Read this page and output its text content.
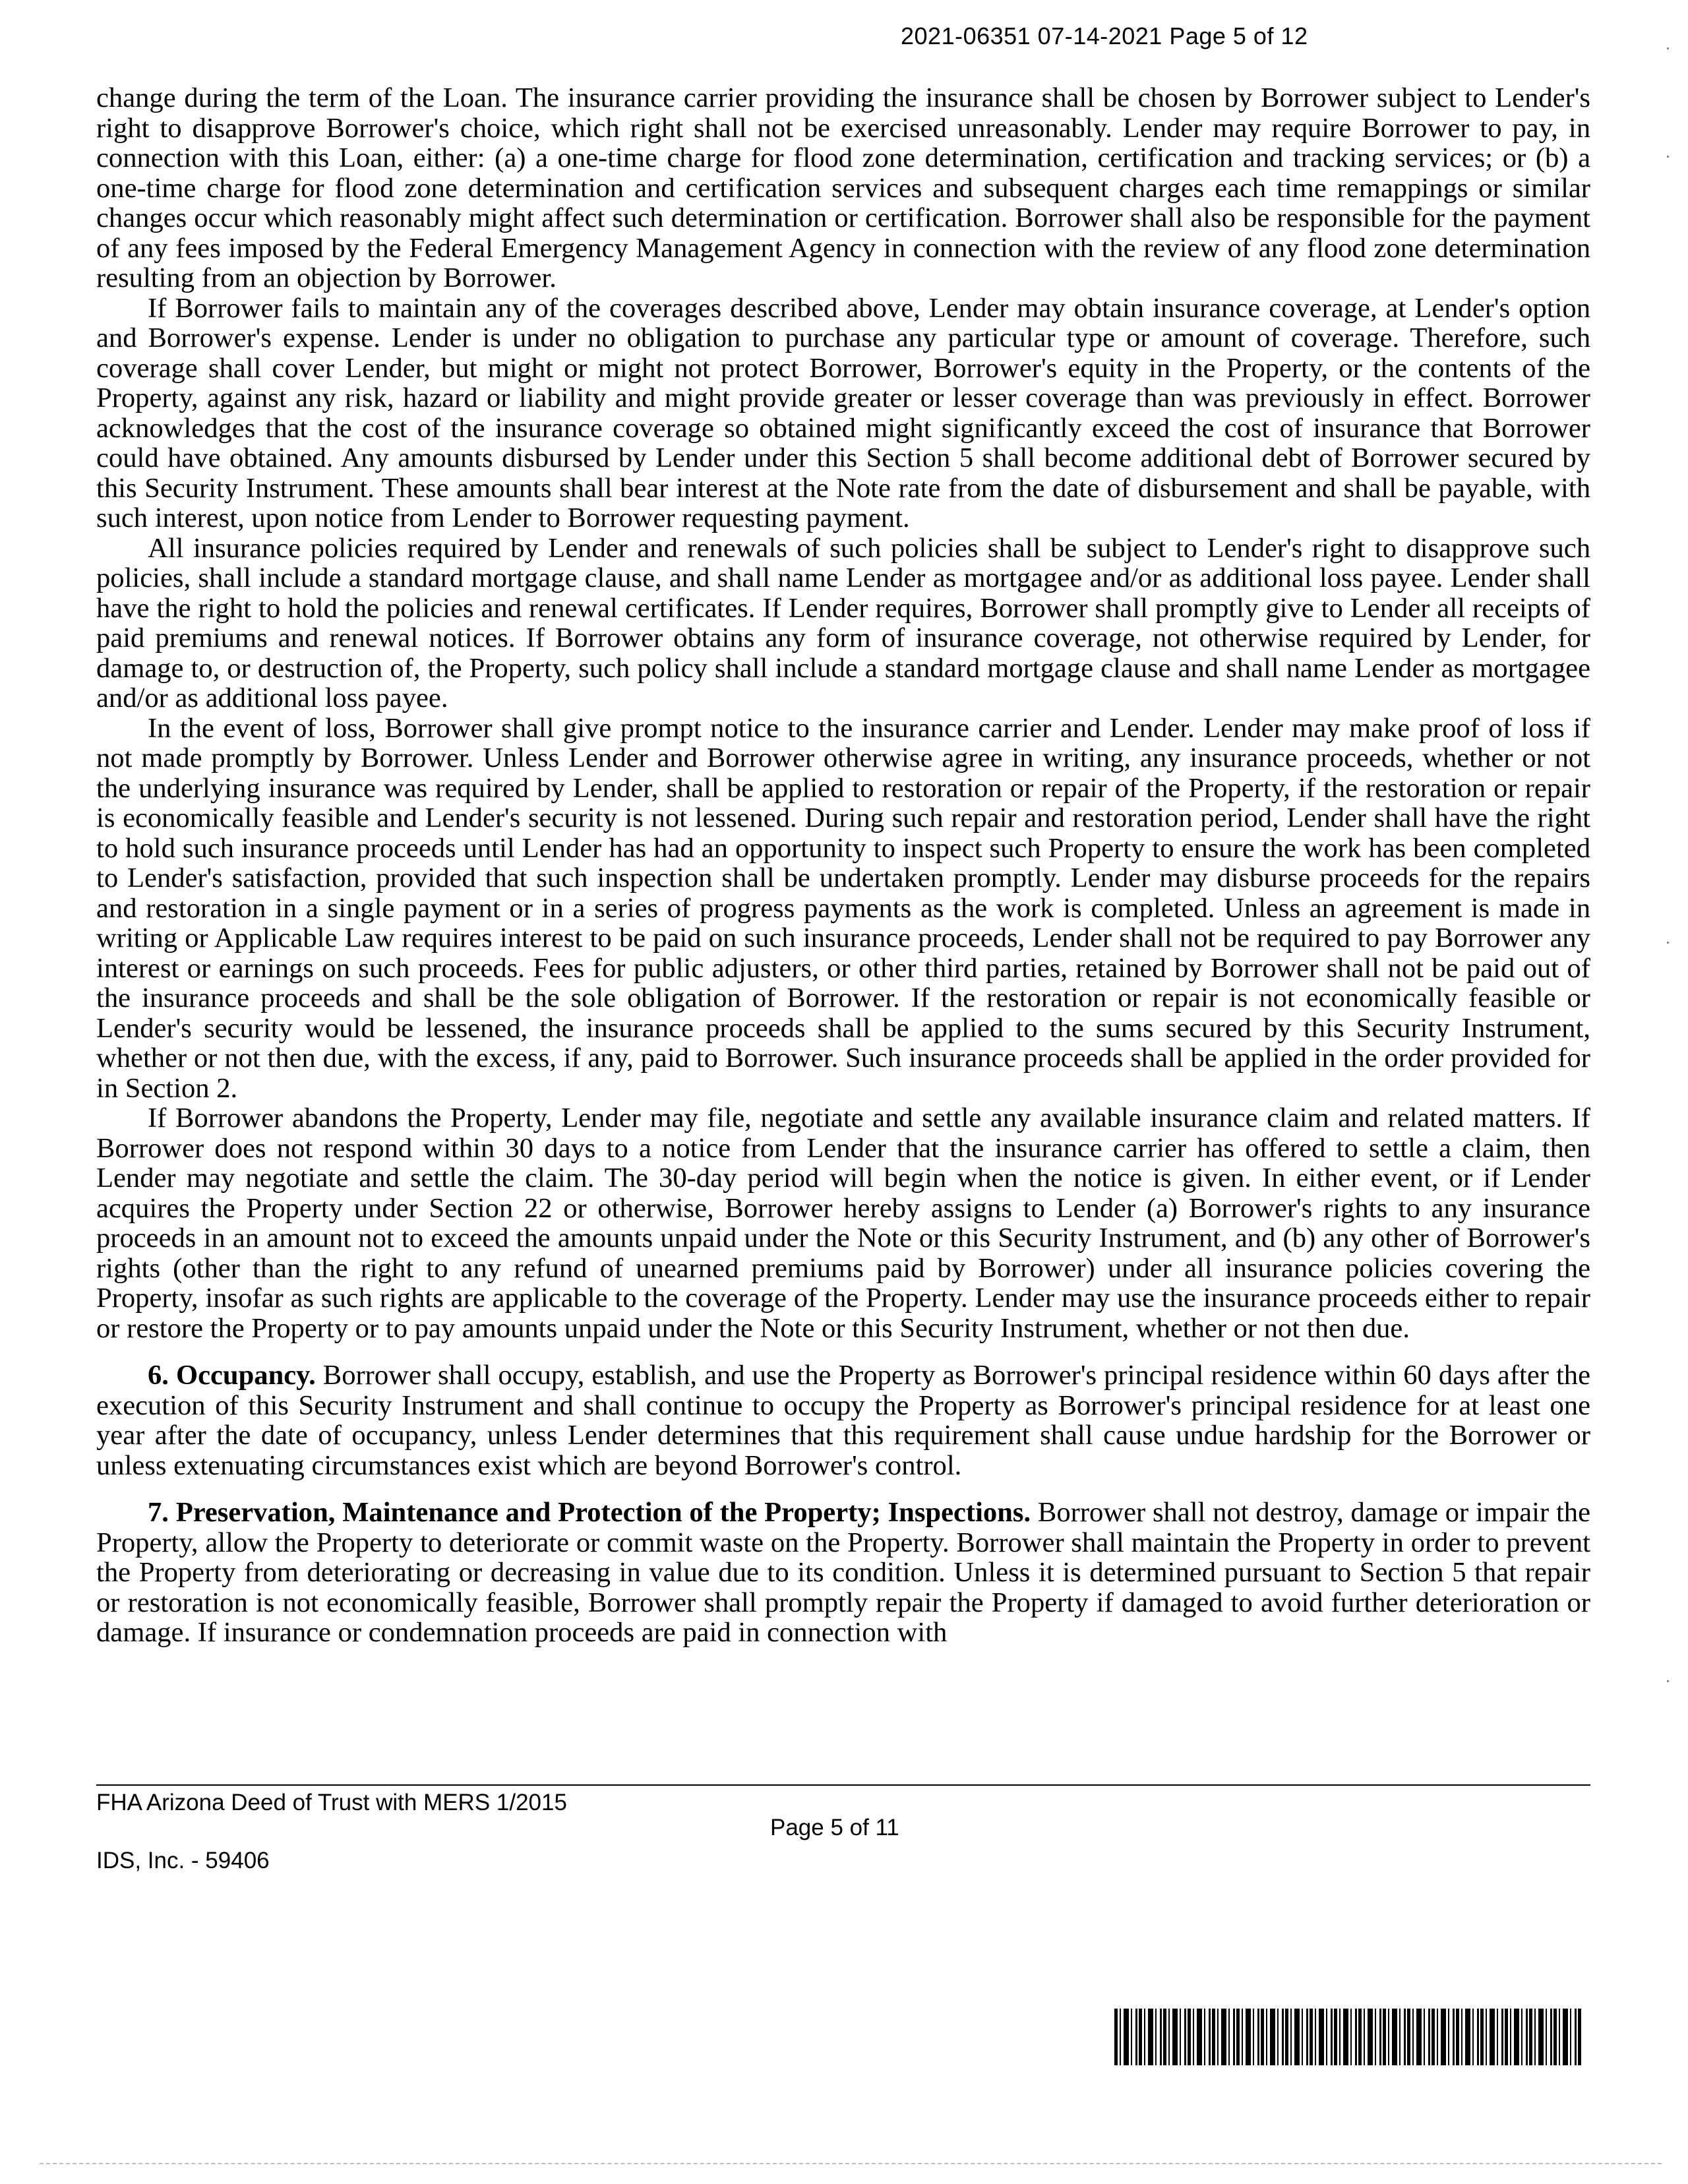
2021-06351 07-14-2021 Page 5 of 12

change during the term of the Loan. The insurance carrier providing the insurance shall be chosen by Borrower subject to Lender's right to disapprove Borrower's choice, which right shall not be exercised unreasonably. Lender may require Borrower to pay, in connection with this Loan, either: (a) a one-time charge for flood zone determination, certification and tracking services; or (b) a one-time charge for flood zone determination and certification services and subsequent charges each time remappings or similar changes occur which reasonably might affect such determination or certification. Borrower shall also be responsible for the payment of any fees imposed by the Federal Emergency Management Agency in connection with the review of any flood zone determination resulting from an objection by Borrower.

If Borrower fails to maintain any of the coverages described above, Lender may obtain insurance coverage, at Lender's option and Borrower's expense. Lender is under no obligation to purchase any particular type or amount of coverage. Therefore, such coverage shall cover Lender, but might or might not protect Borrower, Borrower's equity in the Property, or the contents of the Property, against any risk, hazard or liability and might provide greater or lesser coverage than was previously in effect. Borrower acknowledges that the cost of the insurance coverage so obtained might significantly exceed the cost of insurance that Borrower could have obtained. Any amounts disbursed by Lender under this Section 5 shall become additional debt of Borrower secured by this Security Instrument. These amounts shall bear interest at the Note rate from the date of disbursement and shall be payable, with such interest, upon notice from Lender to Borrower requesting payment.

All insurance policies required by Lender and renewals of such policies shall be subject to Lender's right to disapprove such policies, shall include a standard mortgage clause, and shall name Lender as mortgagee and/or as additional loss payee. Lender shall have the right to hold the policies and renewal certificates. If Lender requires, Borrower shall promptly give to Lender all receipts of paid premiums and renewal notices. If Borrower obtains any form of insurance coverage, not otherwise required by Lender, for damage to, or destruction of, the Property, such policy shall include a standard mortgage clause and shall name Lender as mortgagee and/or as additional loss payee.

In the event of loss, Borrower shall give prompt notice to the insurance carrier and Lender. Lender may make proof of loss if not made promptly by Borrower. Unless Lender and Borrower otherwise agree in writing, any insurance proceeds, whether or not the underlying insurance was required by Lender, shall be applied to restoration or repair of the Property, if the restoration or repair is economically feasible and Lender's security is not lessened. During such repair and restoration period, Lender shall have the right to hold such insurance proceeds until Lender has had an opportunity to inspect such Property to ensure the work has been completed to Lender's satisfaction, provided that such inspection shall be undertaken promptly. Lender may disburse proceeds for the repairs and restoration in a single payment or in a series of progress payments as the work is completed. Unless an agreement is made in writing or Applicable Law requires interest to be paid on such insurance proceeds, Lender shall not be required to pay Borrower any interest or earnings on such proceeds. Fees for public adjusters, or other third parties, retained by Borrower shall not be paid out of the insurance proceeds and shall be the sole obligation of Borrower. If the restoration or repair is not economically feasible or Lender's security would be lessened, the insurance proceeds shall be applied to the sums secured by this Security Instrument, whether or not then due, with the excess, if any, paid to Borrower. Such insurance proceeds shall be applied in the order provided for in Section 2.

If Borrower abandons the Property, Lender may file, negotiate and settle any available insurance claim and related matters. If Borrower does not respond within 30 days to a notice from Lender that the insurance carrier has offered to settle a claim, then Lender may negotiate and settle the claim. The 30-day period will begin when the notice is given. In either event, or if Lender acquires the Property under Section 22 or otherwise, Borrower hereby assigns to Lender (a) Borrower's rights to any insurance proceeds in an amount not to exceed the amounts unpaid under the Note or this Security Instrument, and (b) any other of Borrower's rights (other than the right to any refund of unearned premiums paid by Borrower) under all insurance policies covering the Property, insofar as such rights are applicable to the coverage of the Property. Lender may use the insurance proceeds either to repair or restore the Property or to pay amounts unpaid under the Note or this Security Instrument, whether or not then due.

6. Occupancy. Borrower shall occupy, establish, and use the Property as Borrower's principal residence within 60 days after the execution of this Security Instrument and shall continue to occupy the Property as Borrower's principal residence for at least one year after the date of occupancy, unless Lender determines that this requirement shall cause undue hardship for the Borrower or unless extenuating circumstances exist which are beyond Borrower's control.

7. Preservation, Maintenance and Protection of the Property; Inspections. Borrower shall not destroy, damage or impair the Property, allow the Property to deteriorate or commit waste on the Property. Borrower shall maintain the Property in order to prevent the Property from deteriorating or decreasing in value due to its condition. Unless it is determined pursuant to Section 5 that repair or restoration is not economically feasible, Borrower shall promptly repair the Property if damaged to avoid further deterioration or damage. If insurance or condemnation proceeds are paid in connection with

FHA Arizona Deed of Trust with MERS 1/2015
Page 5 of 11
IDS, Inc. - 59406
